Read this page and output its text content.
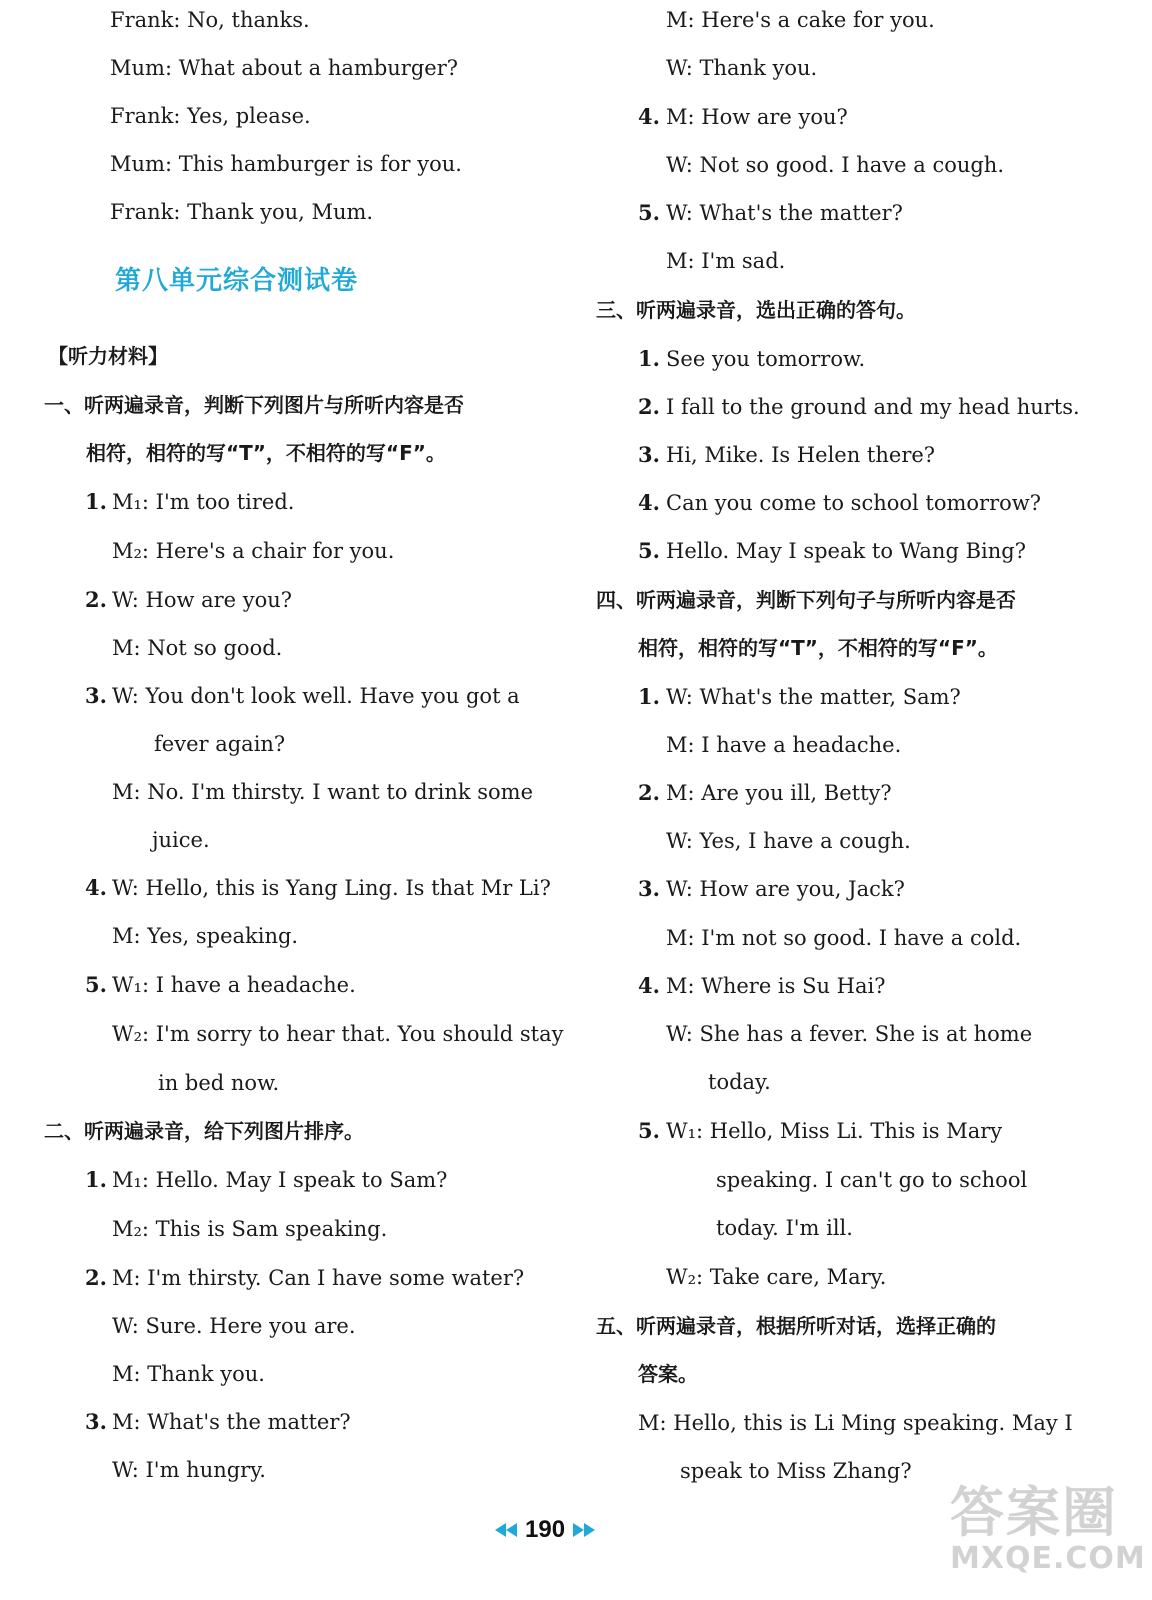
Frank: No, thanks.
Mum: What about a hamburger?
Frank: Yes, please.
Mum: This hamburger is for you.
Frank: Thank you, Mum.
第八单元综合测试卷
【听力材料】
一、听两遍录音，判断下列图片与所听内容是否
相符，相符的写“T”，不相符的写“F”。
1. M₁: I'm too tired.
M₂: Here's a chair for you.
2. W: How are you?
M: Not so good.
3. W: You don't look well. Have you got a
fever again?
M: No. I'm thirsty. I want to drink some
juice.
4. W: Hello, this is Yang Ling. Is that Mr Li?
M: Yes, speaking.
5. W₁: I have a headache.
W₂: I'm sorry to hear that. You should stay
in bed now.
二、听两遍录音，给下列图片排序。
1. M₁: Hello. May I speak to Sam?
M₂: This is Sam speaking.
2. M: I'm thirsty. Can I have some water?
W: Sure. Here you are.
M: Thank you.
3. M: What's the matter?
W: I'm hungry.
M: Here's a cake for you.
W: Thank you.
4. M: How are you?
W: Not so good. I have a cough.
5. W: What's the matter?
M: I'm sad.
三、听两遍录音，选出正确的答句。
1. See you tomorrow.
2. I fall to the ground and my head hurts.
3. Hi, Mike. Is Helen there?
4. Can you come to school tomorrow?
5. Hello. May I speak to Wang Bing?
四、听两遍录音，判断下列句子与所听内容是否
相符，相符的写“T”，不相符的写“F”。
1. W: What's the matter, Sam?
M: I have a headache.
2. M: Are you ill, Betty?
W: Yes, I have a cough.
3. W: How are you, Jack?
M: I'm not so good. I have a cold.
4. M: Where is Su Hai?
W: She has a fever. She is at home
today.
5. W₁: Hello, Miss Li. This is Mary
speaking. I can't go to school
today. I'm ill.
W₂: Take care, Mary.
五、听两遍录音，根据所听对话，选择正确的
答案。
M: Hello, this is Li Ming speaking. May I
speak to Miss Zhang?
190	答案圈
MXQE.COM
